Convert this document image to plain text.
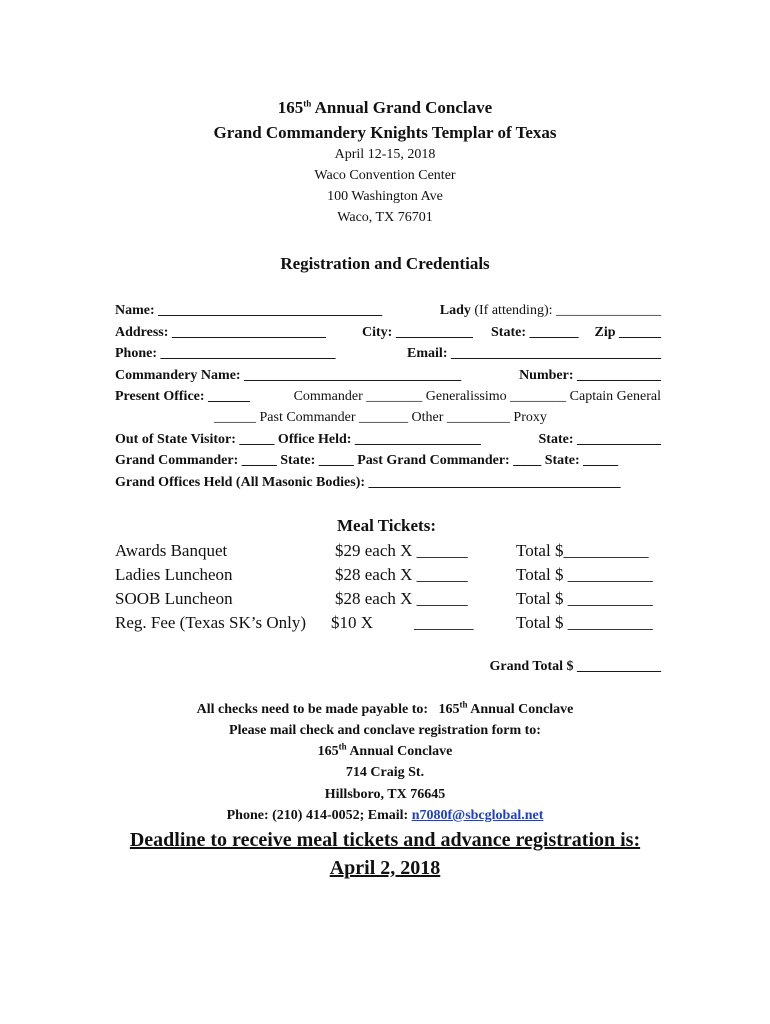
165th Annual Grand Conclave
Grand Commandery Knights Templar of Texas
April 12-15, 2018
Waco Convention Center
100 Washington Ave
Waco, TX 76701
Registration and Credentials
Name: ________________________________	Lady (If attending): _______________
Address: ______________________	City: ___________ State: _______ Zip ______
Phone: _________________________	Email: ______________________________
Commandery Name: _______________________________	Number: ____________
Present Office: ______	Commander ________ Generalissimo ________ Captain General
______ Past Commander _______ Other _________ Proxy
Out of State Visitor: _____ Office Held: __________________	State: ____________
Grand Commander: _____ State: _____ Past Grand Commander: ____ State: _____
Grand Offices Held (All Masonic Bodies): ____________________________________
Meal Tickets:
Awards Banquet	$29 each X ______	Total $__________
Ladies Luncheon	$28 each X ______	Total $ __________
SOOB Luncheon	$28 each X ______	Total $ __________
Reg. Fee (Texas SK’s Only) $10 X _______	Total $ __________
Grand Total $ ____________
All checks need to be made payable to: 165th Annual Conclave
Please mail check and conclave registration form to:
165th Annual Conclave
714 Craig St.
Hillsboro, TX 76645
Phone: (210) 414-0052; Email: n7080f@sbcglobal.net
Deadline to receive meal tickets and advance registration is:
April 2, 2018
